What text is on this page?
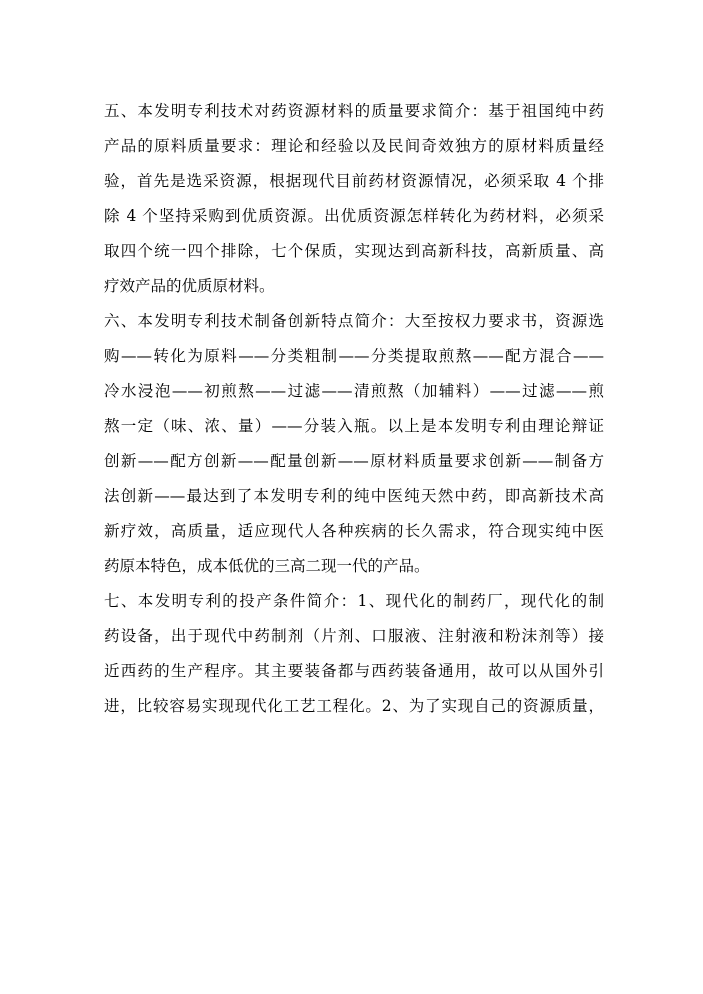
五、本发明专利技术对药资源材料的质量要求简介：基于祖国纯中药
产品的原料质量要求：理论和经验以及民间奇效独方的原材料质量经
验，首先是选采资源，根据现代目前药材资源情况，必须采取 4 个排
除 4 个坚持采购到优质资源。出优质资源怎样转化为药材料，必须采
取四个统一四个排除，七个保质，实现达到高新科技，高新质量、高
疗效产品的优质原材料。
六、本发明专利技术制备创新特点简介：大至按权力要求书，资源选
购——转化为原料——分类粗制——分类提取煎熬——配方混合——
冷水浸泡——初煎熬——过滤——清煎熬（加辅料）——过滤——煎
熬一定（味、浓、量）——分装入瓶。以上是本发明专利由理论辩证
创新——配方创新——配量创新——原材料质量要求创新——制备方
法创新——最达到了本发明专利的纯中医纯天然中药，即高新技术高
新疗效，高质量，适应现代人各种疾病的长久需求，符合现实纯中医
药原本特色，成本低优的三高二现一代的产品。
七、本发明专利的投产条件简介：1、现代化的制药厂，现代化的制
药设备，出于现代中药制剂（片剂、口服液、注射液和粉沫剂等）接
近西药的生产程序。其主要装备都与西药装备通用，故可以从国外引
进，比较容易实现现代化工艺工程化。2、为了实现自己的资源质量，
